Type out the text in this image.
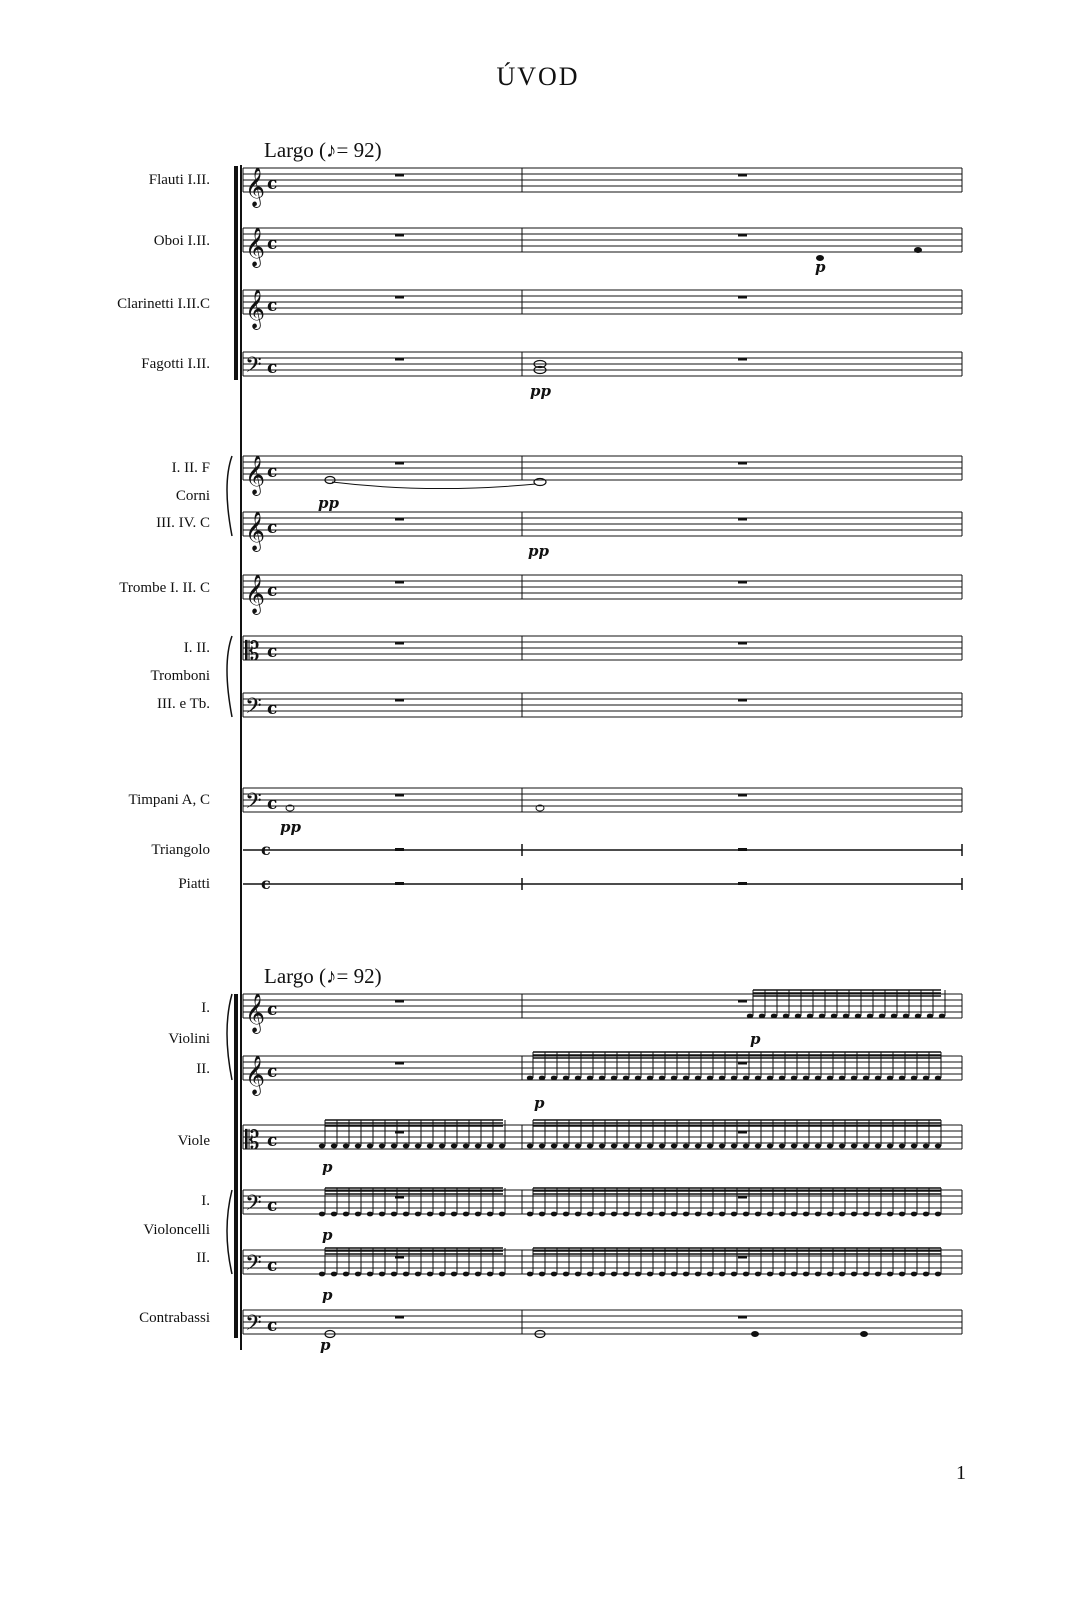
ÚVOD
Largo (♪= 92)
Largo (♪= 92)
Flauti I.II.
Oboi I.II.
Clarinetti I.II.C
Fagotti I.II.
I. II. F
Corni
III. IV. C
Trombe I. II. C
I. II.
Tromboni
III. e Tb.
Timpani A, C
Triangolo
Piatti
I.
Violini
II.
Viole
I.
Violoncelli
II.
Contrabassi
1
𝄞 c
𝄞 c
𝄞 c
𝄢 c
𝄞 c
𝄞 c
𝄞 c
𝄡 c
𝄢 c
𝄢 c
𝄞 c
𝄞 c
𝄡 c
𝄢 c
𝄢 c
𝄢 c
c
c
pp
p
pp
pp
pp
p
p
p
p
p
p
